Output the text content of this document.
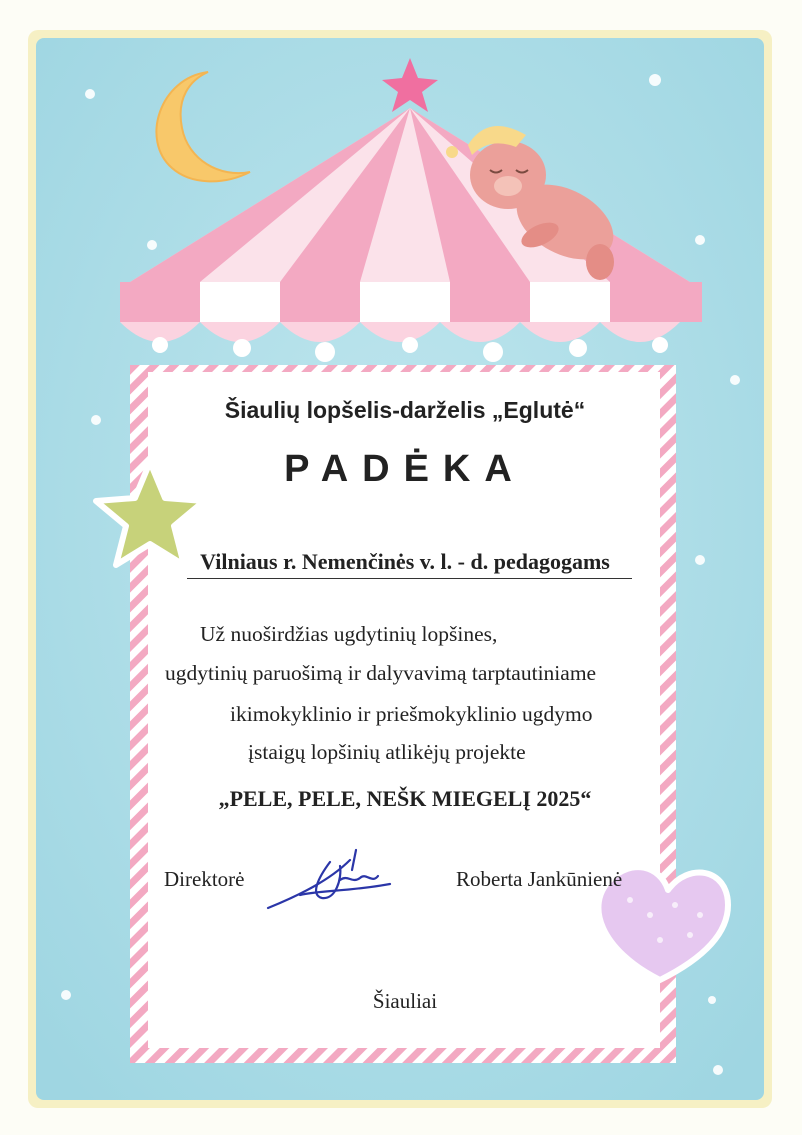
Šiaulių lopšelis-darželis „Eglutė“
PADĖKA
Vilniaus r. Nemenčinės v. l. - d. pedagogams
Už nuoširdžias ugdytinių lopšines,
ugdytinių paruošimą ir dalyvavimą tarptautiniame
ikimokyklinio ir priešmokyklinio ugdymo
įstaigų lopšinių atlikėjų projekte
„PELE, PELE, NEŠK MIEGELĮ 2025“
Direktorė	Roberta Jankūnienė
Šiauliai
